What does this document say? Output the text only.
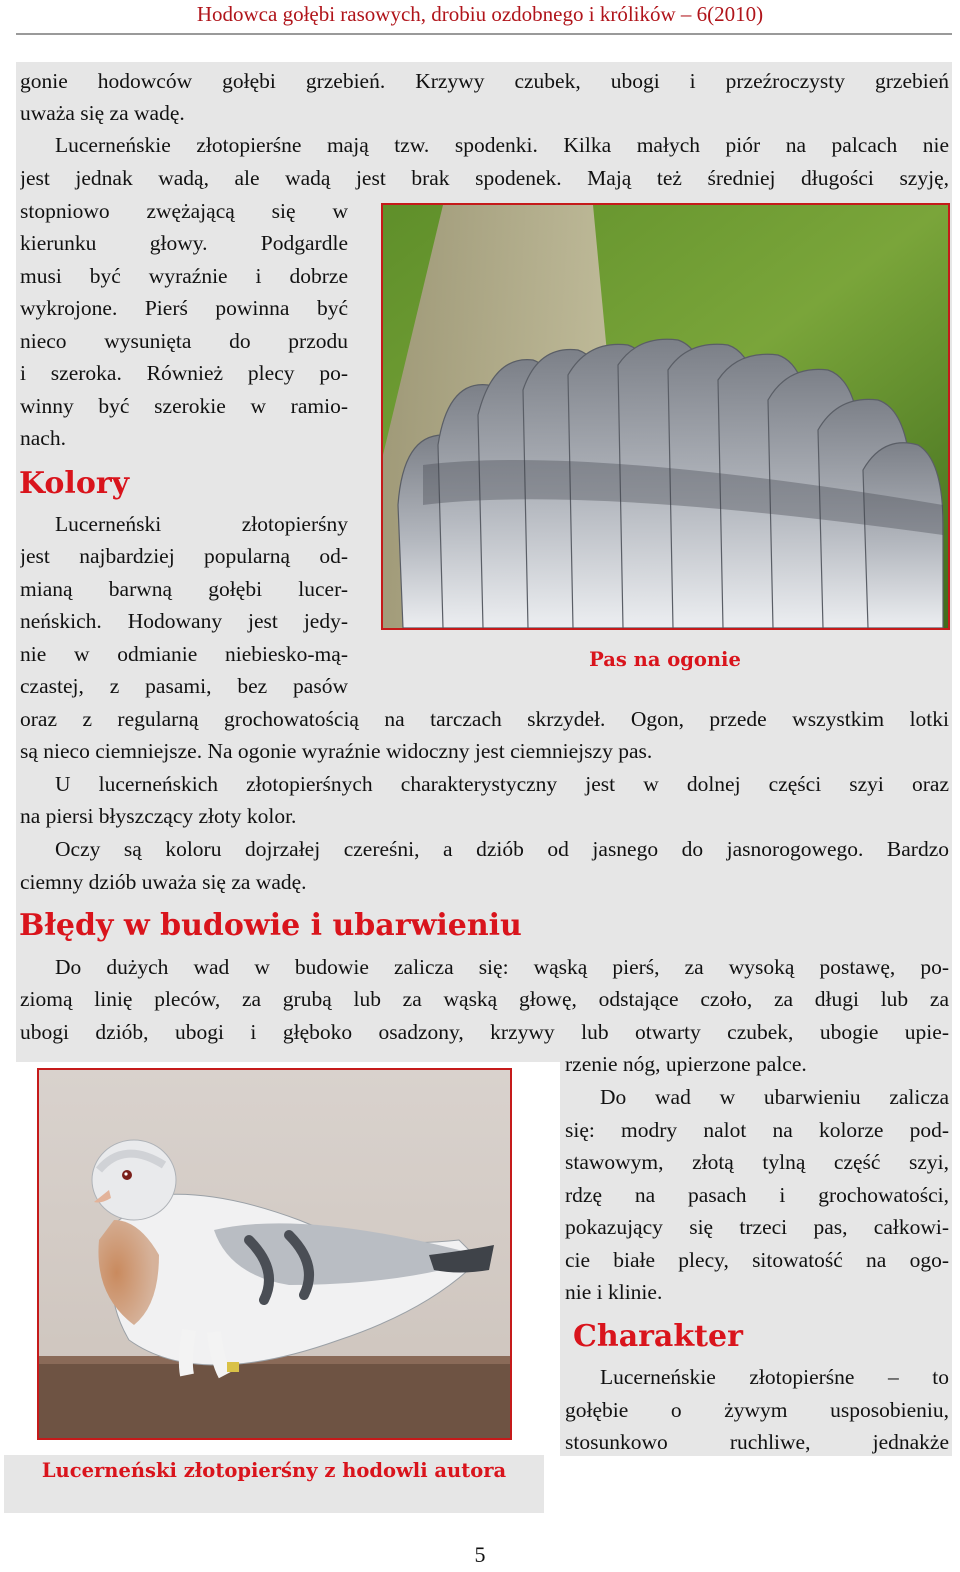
Hodowca gołębi rasowych, drobiu ozdobnego i królików – 6(2010)
gonie hodowców gołębi grzebień. Krzywy czubek, ubogi i przeźroczysty grzebień
uważa się za wadę.
Lucerneńskie złotopierśne mają tzw. spodenki. Kilka małych piór na palcach nie
jest jednak wadą, ale wadą jest brak spodenek. Mają też średniej długości szyję,
stopniowo zwężającą się w
kierunku głowy. Podgardle
musi być wyraźnie i dobrze
wykrojone. Pierś powinna być
nieco wysunięta do przodu
i szeroka. Również plecy po-
winny być szerokie w ramio-
nach.
Kolory
Lucerneński złotopierśny
jest najbardziej popularną od-
mianą barwną gołębi lucer-
neńskich. Hodowany jest jedy-
nie w odmianie niebiesko-mą-
czastej, z pasami, bez pasów
oraz z regularną grochowatością na tarczach skrzydeł. Ogon, przede wszystkim lotki
są nieco ciemniejsze. Na ogonie wyraźnie widoczny jest ciemniejszy pas.
U lucerneńskich złotopierśnych charakterystyczny jest w dolnej części szyi oraz
na piersi błyszczący złoty kolor.
Oczy są koloru dojrzałej czereśni, a dziób od jasnego do jasnorogowego. Bardzo
ciemny dziób uważa się za wadę.
Błędy w budowie i ubarwieniu
Do dużych wad w budowie zalicza się: wąską pierś, za wysoką postawę, po-
ziomą linię pleców, za grubą lub za wąską głowę, odstające czoło, za długi lub za
ubogi dziób, ubogi i głęboko osadzony, krzywy lub otwarty czubek, ubogie upie-
rzenie nóg, upierzone palce.
Do wad w ubarwieniu zalicza
się: modry nalot na kolorze pod-
stawowym, złotą tylną część szyi,
rdzę na pasach i grochowatości,
pokazujący się trzeci pas, całkowi-
cie białe plecy, sitowatość na ogo-
nie i klinie.
Charakter
Lucerneńskie złotopierśne – to
gołębie o żywym usposobieniu,
stosunkowo ruchliwe, jednakże
Pas na ogonie
Lucerneński złotopierśny z hodowli autora
5
